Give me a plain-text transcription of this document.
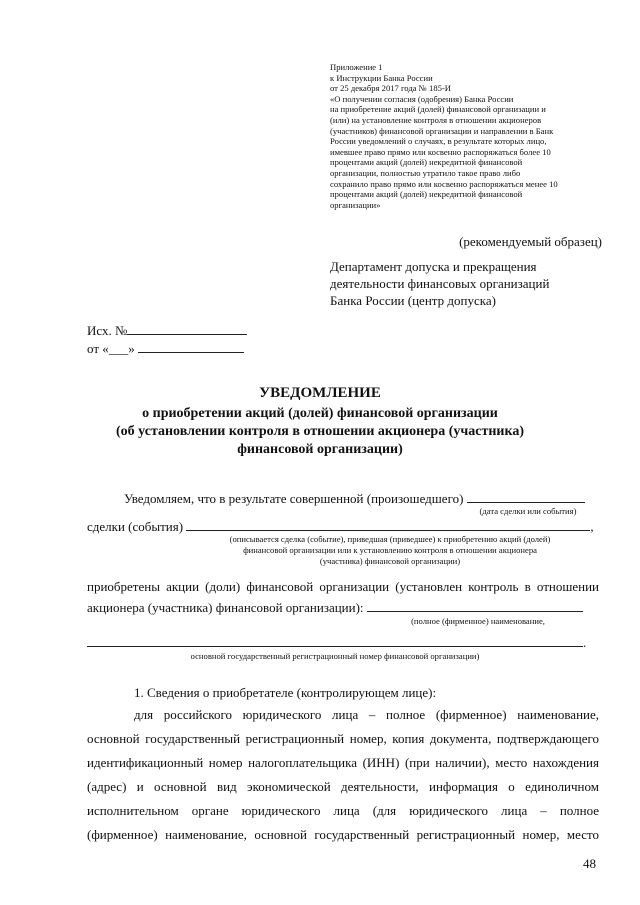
Приложение 1
к Инструкции Банка России
от 25 декабря 2017 года № 185-И
«О получении согласия (одобрения) Банка России
на приобретение акций (долей) финансовой организации и
(или) на установление контроля в отношении акционеров
(участников) финансовой организации и направлении в Банк
России уведомлений о случаях, в результате которых лицо,
имевшее право прямо или косвенно распоряжаться более 10
процентами акций (долей) некредитной финансовой
организации, полностью утратило такое право либо
сохранило право прямо или косвенно распоряжаться менее 10
процентами акций (долей) некредитной финансовой
организации»
(рекомендуемый образец)
Департамент допуска и прекращения
деятельности финансовых организаций
Банка России (центр допуска)
Исх. №
от «___»
УВЕДОМЛЕНИЕ
о приобретении акций (долей) финансовой организации
(об установлении контроля в отношении акционера (участника)
финансовой организации)
Уведомляем, что в результате совершенной (произошедшего)
(дата сделки или события)
сделки (события)	,
(описывается сделка (событие), приведшая (приведшее) к приобретению акций (долей)
финансовой организации или к установлению контроля в отношении акционера
(участника) финансовой организации)
приобретены акции (доли) финансовой организации (установлен контроль в отношении
акционера (участника) финансовой организации):
(полное (фирменное) наименование,
.
основной государственный регистрационный номер финансовой организации)
1. Сведения о приобретателе (контролирующем лице):
для российского юридического лица – полное (фирменное) наименование,
основной государственный регистрационный номер, копия документа, подтверждающего
идентификационный номер налогоплательщика (ИНН) (при наличии), место нахождения
(адрес) и основной вид экономической деятельности, информация о единоличном
исполнительном органе юридического лица (для юридического лица – полное
(фирменное) наименование, основной государственный регистрационный номер, место
48
